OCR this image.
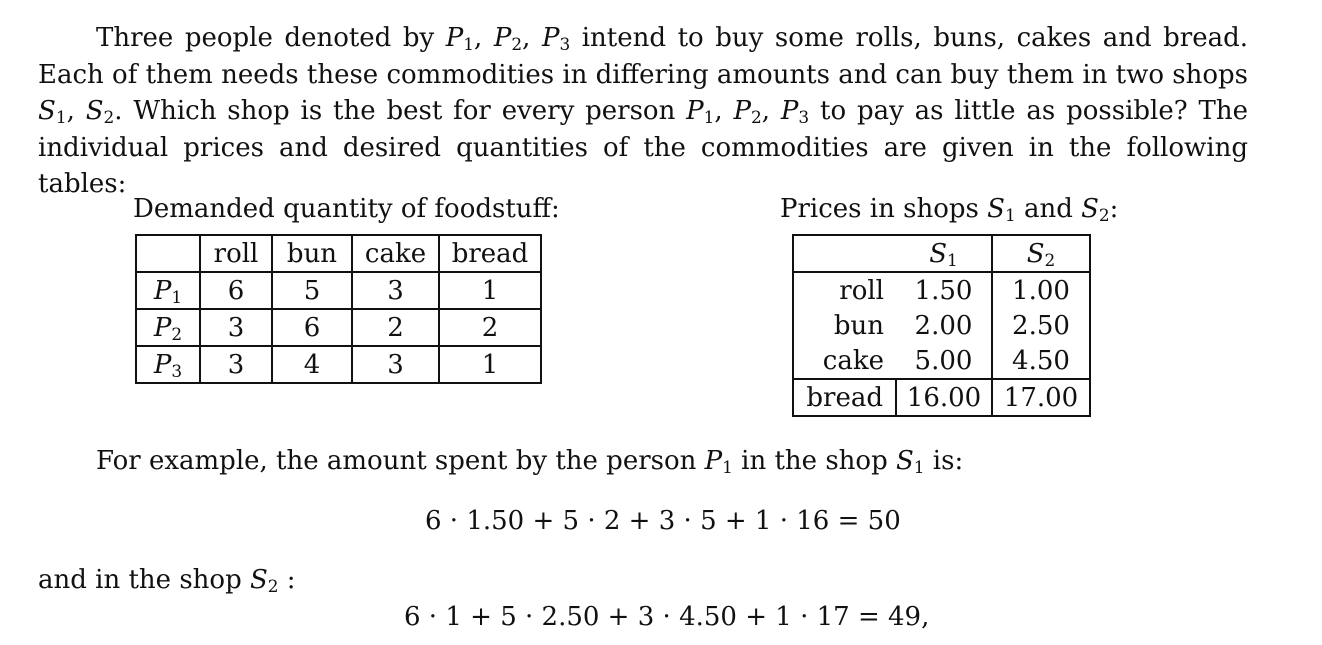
Three people denoted by $P_1$, $P_2$, $P_3$ intend to buy some rolls, buns, cakes and bread. Each of them needs these commodities in differing amounts and can buy them in two shops $S_1$, $S_2$. Which shop is the best for every person $P_1$, $P_2$, $P_3$ to pay as little as possible? The individual prices and desired quantities of the commodities are given in the following tables:
Demanded quantity of foodstuff:
	roll	bun	cake	bread
$P_1$	6	5	3	1
$P_2$	3	6	2	2
$P_3$	3	4	3	1
Prices in shops $S_1$ and $S_2$:
	$S_1$	$S_2$
roll	1.50	1.00
bun	2.00	2.50
cake	5.00	4.50
bread	16.00	17.00
For example, the amount spent by the person $P_1$ in the shop $S_1$ is:
6 · 1.50 + 5 · 2 + 3 · 5 + 1 · 16 = 50
and in the shop $S_2$ :
6 · 1 + 5 · 2.50 + 3 · 4.50 + 1 · 17 = 49,
